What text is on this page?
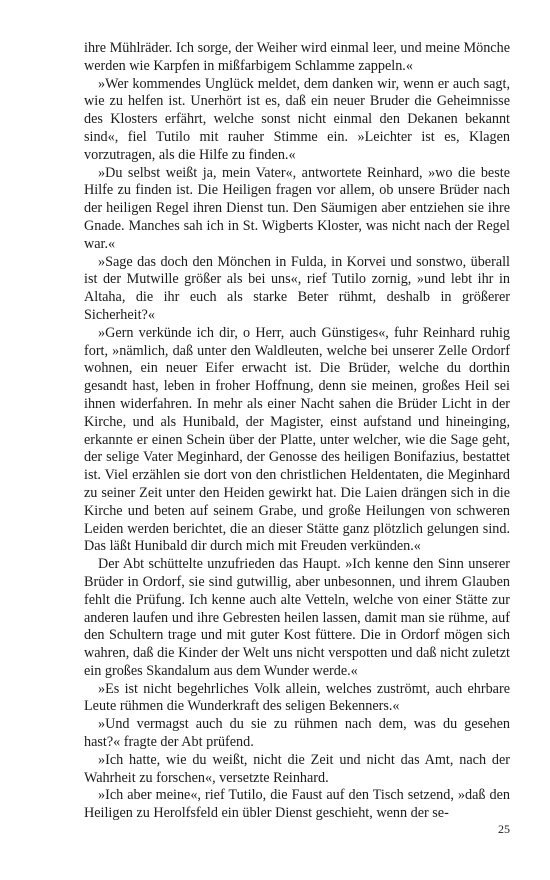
ihre Mühlräder. Ich sorge, der Weiher wird einmal leer, und meine Mönche werden wie Karpfen in mißfarbigem Schlamme zappeln.«

»Wer kommendes Unglück meldet, dem danken wir, wenn er auch sagt, wie zu helfen ist. Unerhört ist es, daß ein neuer Bruder die Geheimnisse des Klosters erfährt, welche sonst nicht einmal den Dekanen bekannt sind«, fiel Tutilo mit rauher Stimme ein. »Leichter ist es, Klagen vorzutragen, als die Hilfe zu finden.«

»Du selbst weißt ja, mein Vater«, antwortete Reinhard, »wo die beste Hilfe zu finden ist. Die Heiligen fragen vor allem, ob unsere Brüder nach der heiligen Regel ihren Dienst tun. Den Säumigen aber entziehen sie ihre Gnade. Manches sah ich in St. Wigberts Kloster, was nicht nach der Regel war.«

»Sage das doch den Mönchen in Fulda, in Korvei und sonstwo, überall ist der Mutwille größer als bei uns«, rief Tutilo zornig, »und lebt ihr in Altaha, die ihr euch als starke Beter rühmt, deshalb in größerer Sicherheit?«

»Gern verkünde ich dir, o Herr, auch Günstiges«, fuhr Reinhard ruhig fort, »nämlich, daß unter den Waldleuten, welche bei unserer Zelle Ordorf wohnen, ein neuer Eifer erwacht ist. Die Brüder, welche du dorthin gesandt hast, leben in froher Hoffnung, denn sie meinen, großes Heil sei ihnen widerfahren. In mehr als einer Nacht sahen die Brüder Licht in der Kirche, und als Hunibald, der Magister, einst aufstand und hineinging, erkannte er einen Schein über der Platte, unter welcher, wie die Sage geht, der selige Vater Meginhard, der Genosse des heiligen Bonifazius, bestattet ist. Viel erzählen sie dort von den christlichen Heldentaten, die Meginhard zu seiner Zeit unter den Heiden gewirkt hat. Die Laien drängen sich in die Kirche und beten auf seinem Grabe, und große Heilungen von schweren Leiden werden berichtet, die an dieser Stätte ganz plötzlich gelungen sind. Das läßt Hunibald dir durch mich mit Freuden verkünden.«

Der Abt schüttelte unzufrieden das Haupt. »Ich kenne den Sinn unserer Brüder in Ordorf, sie sind gutwillig, aber unbesonnen, und ihrem Glauben fehlt die Prüfung. Ich kenne auch alte Vetteln, welche von einer Stätte zur anderen laufen und ihre Gebresten heilen lassen, damit man sie rühme, auf den Schultern trage und mit guter Kost füttere. Die in Ordorf mögen sich wahren, daß die Kinder der Welt uns nicht verspotten und daß nicht zuletzt ein großes Skandalum aus dem Wunder werde.«

»Es ist nicht begehrliches Volk allein, welches zuströmt, auch ehrbare Leute rühmen die Wunderkraft des seligen Bekenners.«

»Und vermagst auch du sie zu rühmen nach dem, was du gesehen hast?« fragte der Abt prüfend.

»Ich hatte, wie du weißt, nicht die Zeit und nicht das Amt, nach der Wahrheit zu forschen«, versetzte Reinhard.

»Ich aber meine«, rief Tutilo, die Faust auf den Tisch setzend, »daß den Heiligen zu Herolfsfeld ein übler Dienst geschieht, wenn der se-

25
